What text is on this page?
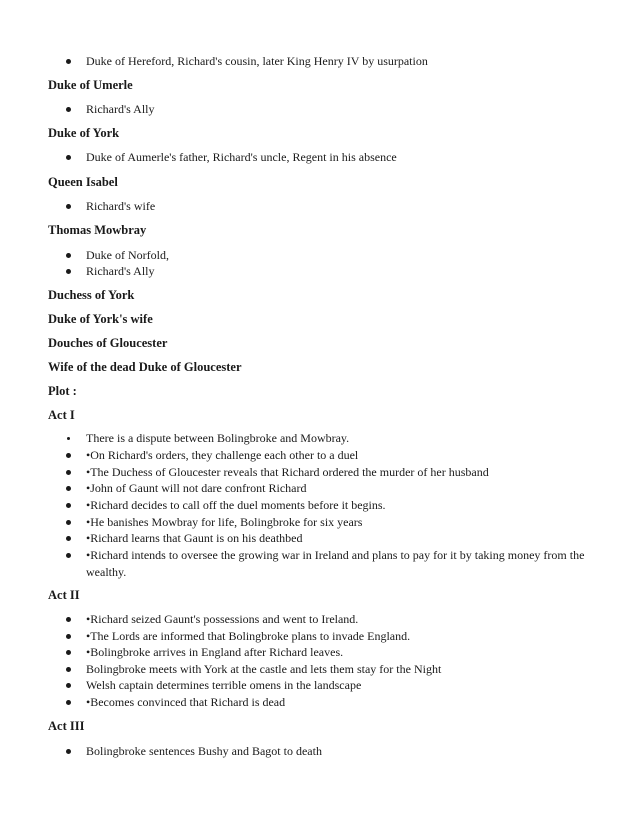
Duke of Hereford, Richard's cousin, later King Henry IV by usurpation
Duke of Umerle
Richard's Ally
Duke of York
Duke of Aumerle's father, Richard's uncle, Regent in his absence
Queen Isabel
Richard's wife
Thomas Mowbray
Duke of Norfold,
Richard's Ally
Duchess of York
Duke of York's wife
Douches of Gloucester
Wife of the dead Duke of Gloucester
Plot :
Act I
There is a dispute between Bolingbroke and Mowbray.
•On Richard's orders, they challenge each other to a duel
•The Duchess of Gloucester reveals that Richard ordered the murder of her husband
•John of Gaunt will not dare confront Richard
•Richard decides to call off the duel moments before it begins.
•He banishes Mowbray for life, Bolingbroke for six years
•Richard learns that Gaunt is on his deathbed
•Richard intends to oversee the growing war in Ireland and plans to pay for it by taking money from the wealthy.
Act II
•Richard seized Gaunt's possessions and went to Ireland.
•The Lords are informed that Bolingbroke plans to invade England.
•Bolingbroke arrives in England after Richard leaves.
Bolingbroke meets with York at the castle and lets them stay for the Night
Welsh captain determines terrible omens in the landscape
•Becomes convinced that Richard is dead
Act III
Bolingbroke sentences Bushy and Bagot to death
